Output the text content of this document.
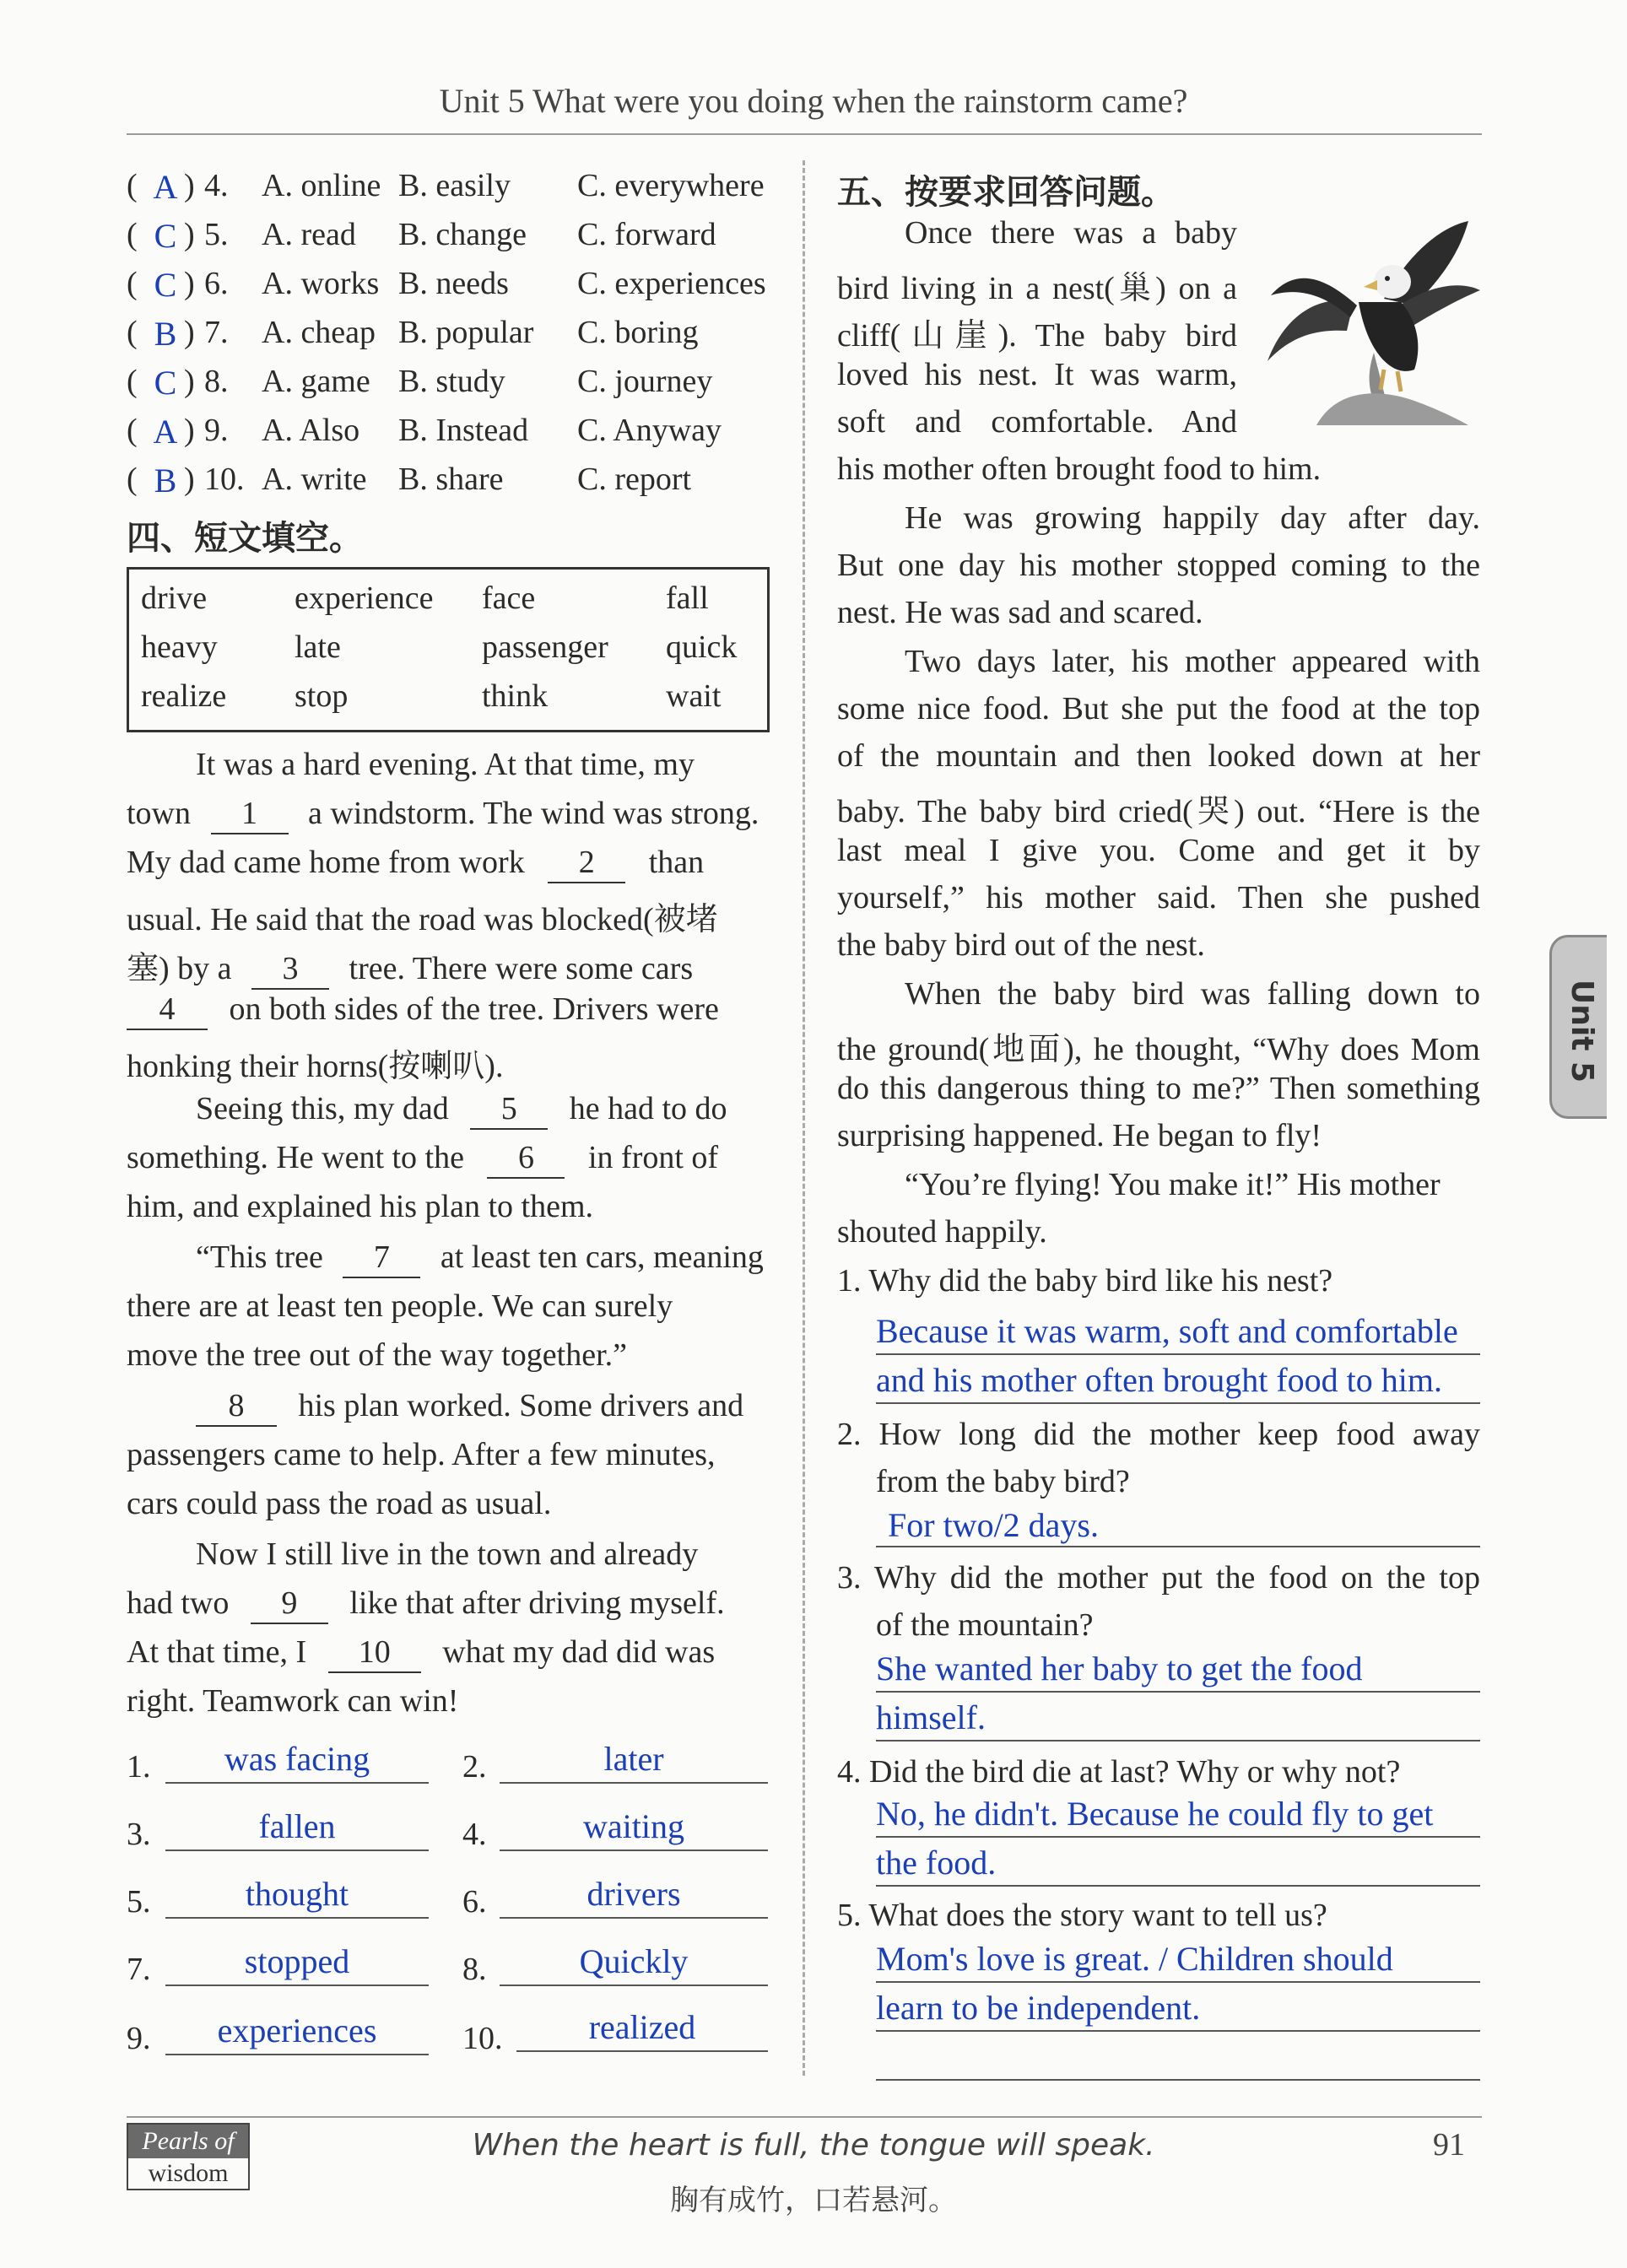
Unit 5 What were you doing when the rainstorm came?
( A ) 4. A. online B. easily C. everywhere
( C ) 5. A. read B. change C. forward
( C ) 6. A. works B. needs C. experiences
( B ) 7. A. cheap B. popular C. boring
( C ) 8. A. game B. study C. journey
( A ) 9. A. Also B. Instead C. Anyway
( B ) 10. A. write B. share C. report
四、短文填空。
drive	experience face	fall
heavy late	passenger quick
realize stop	think	wait
It was a hard evening. At that time, my
town 1 a windstorm. The wind was strong.
My dad came home from work 2 than
usual. He said that the road was blocked(被堵
塞) by a 3 tree. There were some cars
4 on both sides of the tree. Drivers were
honking their horns(按喇叭).
Seeing this, my dad 5 he had to do
something. He went to the 6 in front of
him, and explained his plan to them.
“This tree 7 at least ten cars, meaning
there are at least ten people. We can surely
move the tree out of the way together.”
8 his plan worked. Some drivers and
passengers came to help. After a few minutes,
cars could pass the road as usual.
Now I still live in the town and already
had two 9 like that after driving myself.
At that time, I 10 what my dad did was
right. Teamwork can win!
1.	was facing	2.	later
3.	fallen	4.	waiting
5.	thought	6.	drivers
7.	stopped	8.	Quickly
9.	experiences	10.	realized
五、按要求回答问题。
Once there was a baby
bird living in a nest(巢) on a
cliff(山崖). The baby bird
loved his nest. It was warm,
soft and comfortable. And
his mother often brought food to him.
He was growing happily day after day.
But one day his mother stopped coming to the
nest. He was sad and scared.
Two days later, his mother appeared with
some nice food. But she put the food at the top
of the mountain and then looked down at her
baby. The baby bird cried(哭) out. “Here is the
last meal I give you. Come and get it by
yourself,” his mother said. Then she pushed
the baby bird out of the nest.
When the baby bird was falling down to
the ground(地面), he thought, “Why does Mom
do this dangerous thing to me?” Then something
surprising happened. He began to fly!
“You’re flying! You make it!” His mother
shouted happily.
1. Why did the baby bird like his nest?
Because it was warm, soft and comfortable
and his mother often brought food to him.
2. How long did the mother keep food away
from the baby bird?
For two/2 days.
3. Why did the mother put the food on the top
of the mountain?
She wanted her baby to get the food
himself.
4. Did the bird die at last? Why or why not?
No, he didn't. Because he could fly to get
the food.
5. What does the story want to tell us?
Mom's love is great. / Children should
learn to be independent.
Unit 5
Pearls of
wisdom
When the heart is full, the tongue will speak.
胸有成竹，口若悬河。
91
